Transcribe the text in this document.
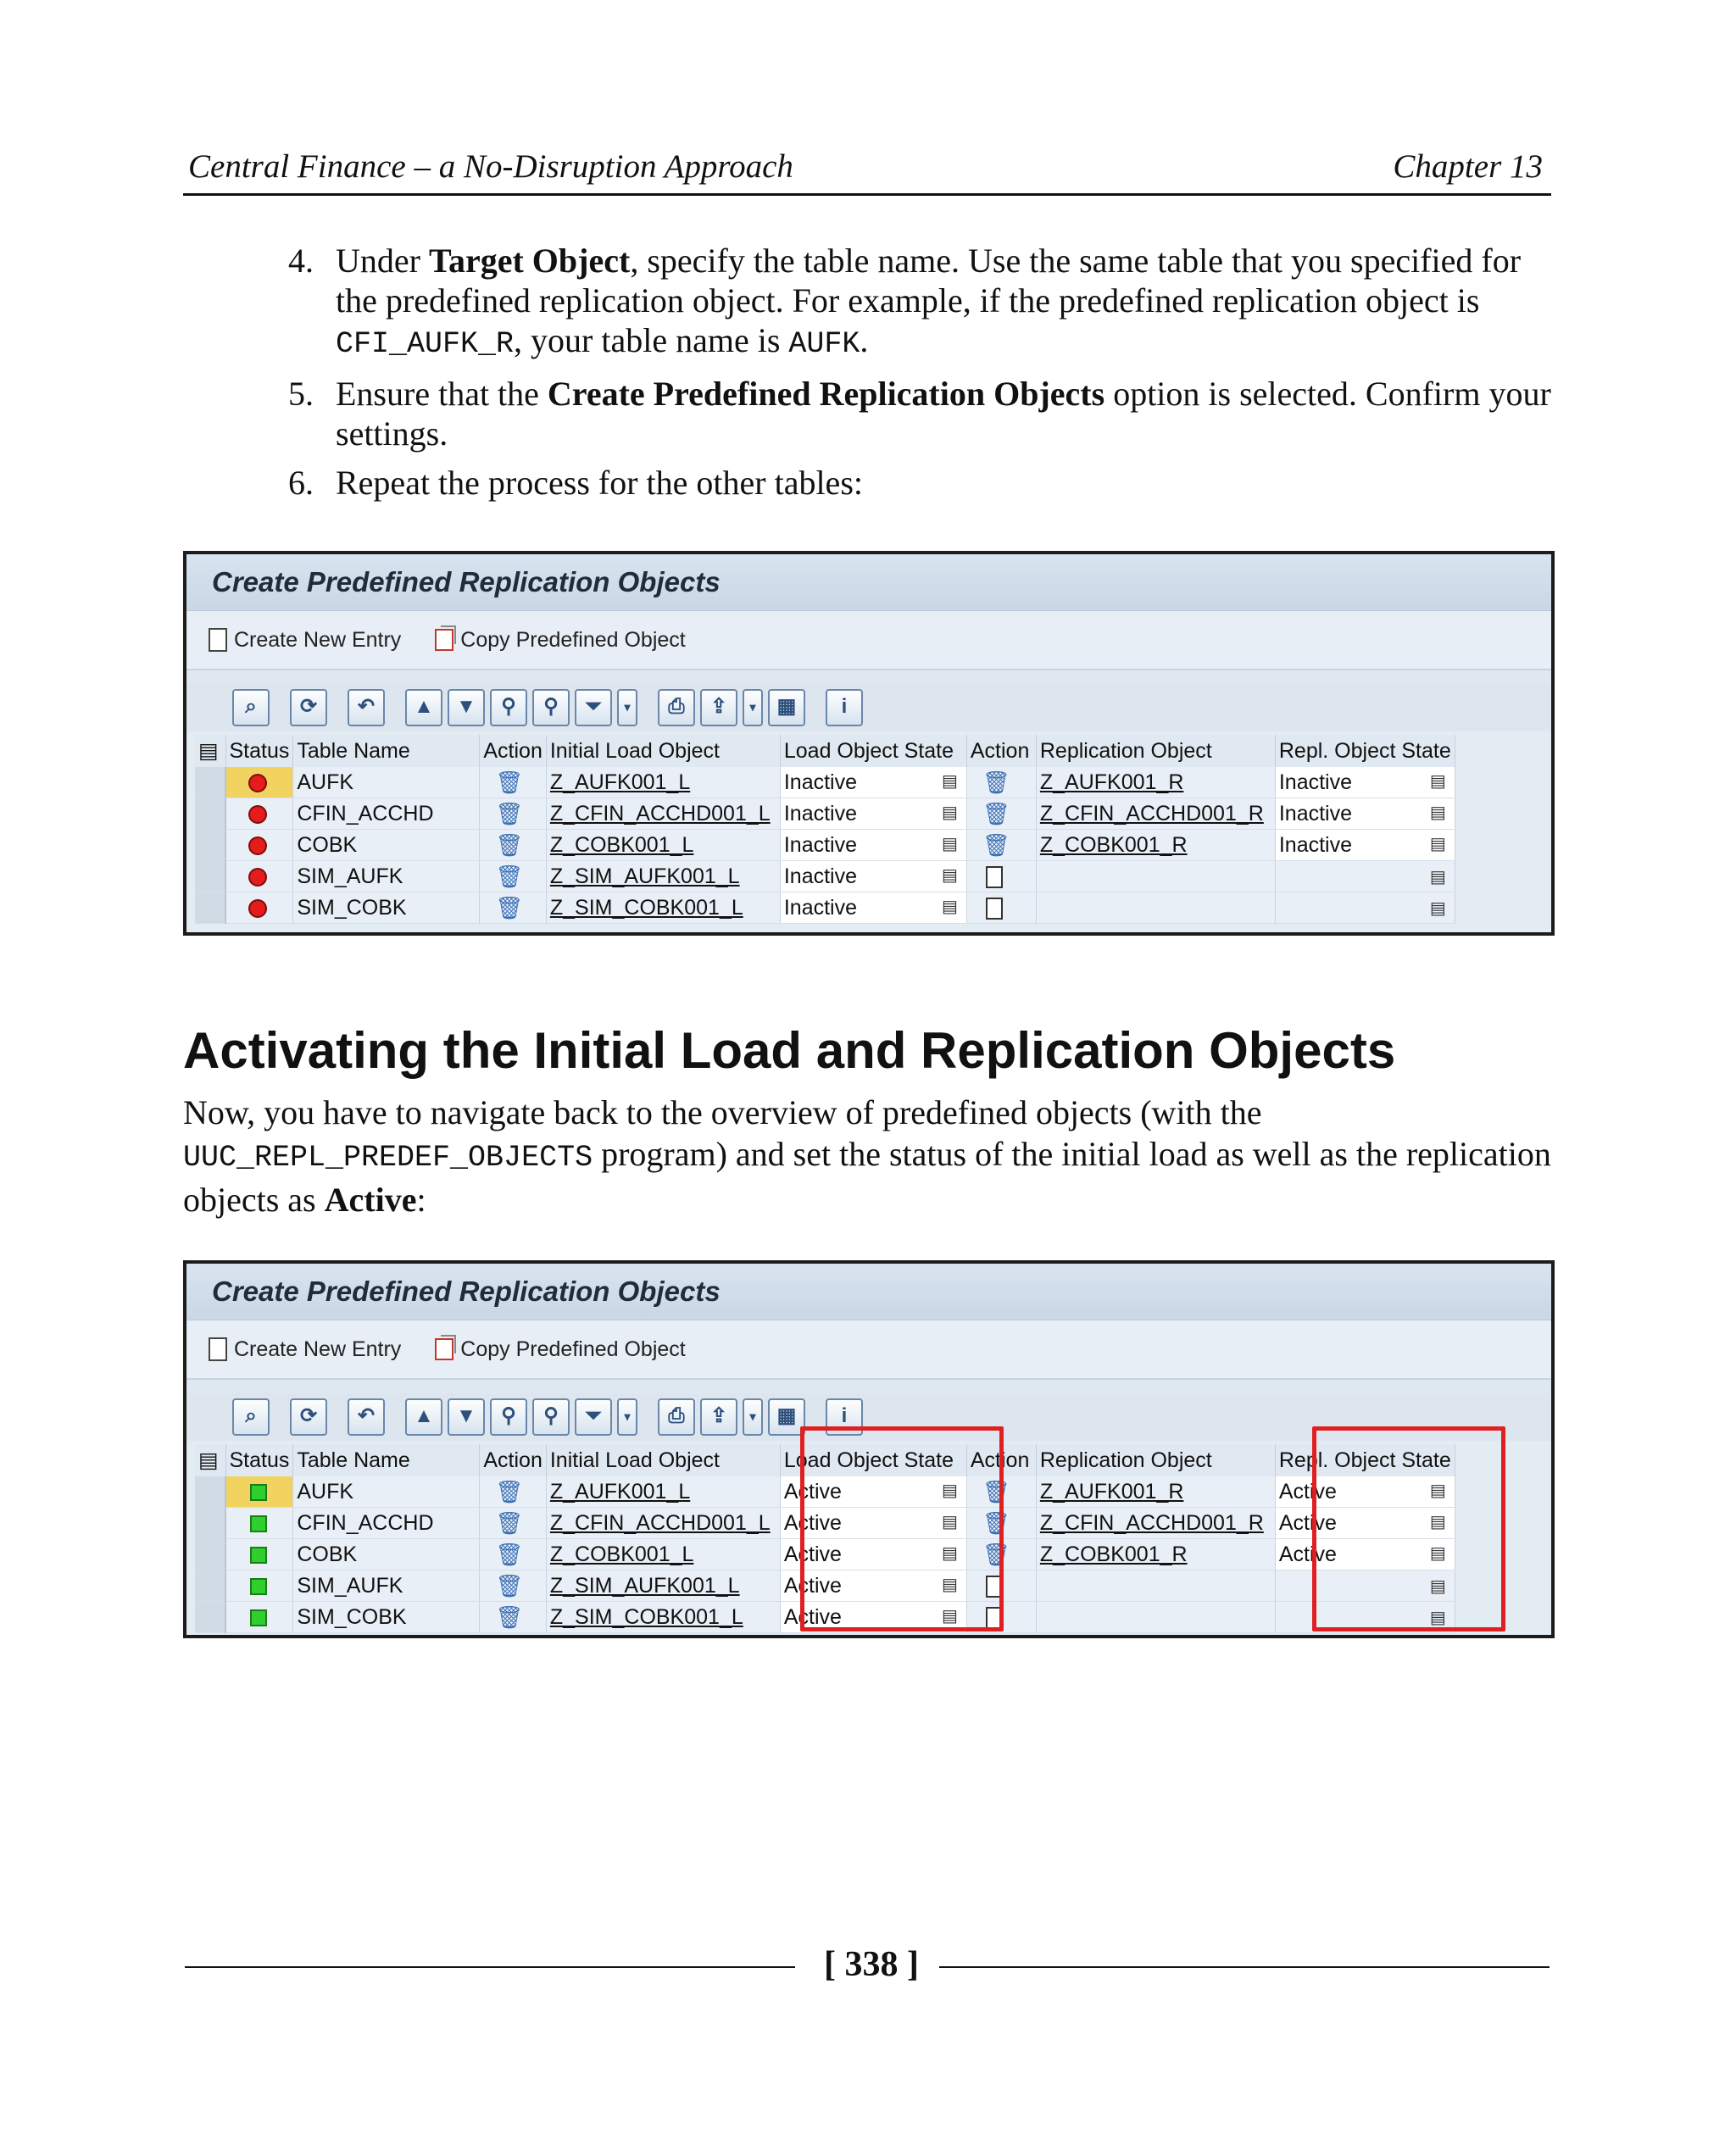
Central Finance – a No-Disruption Approach	Chapter 13
4. Under Target Object, specify the table name. Use the same table that you specified for the predefined replication object. For example, if the predefined replication object is CFI_AUFK_R, your table name is AUFK.
5. Ensure that the Create Predefined Replication Objects option is selected. Confirm your settings.
6. Repeat the process for the other tables:
Create Predefined Replication Objects
Create New Entry	Copy Predefined Object
⌕	⟳	↶	▲	▼	⚲	⚲	⏷	▾	⎙	⇪	▾	▦	i
▤	Status	Table Name	Action	Initial Load Object	Load Object State	Action	Replication Object	Repl. Object State
		AUFK	🗑	Z_AUFK001_L	Inactive ▤	🗑	Z_AUFK001_R	Inactive ▤

		CFIN_ACCHD	🗑	Z_CFIN_ACCHD001_L	Inactive ▤	🗑	Z_CFIN_ACCHD001_R	Inactive ▤

		COBK	🗑	Z_COBK001_L	Inactive ▤	🗑	Z_COBK001_R	Inactive ▤

		SIM_AUFK	🗑	Z_SIM_AUFK001_L	Inactive ▤			▤

		SIM_COBK	🗑	Z_SIM_COBK001_L	Inactive ▤			▤
Activating the Initial Load and Replication Objects

Now, you have to navigate back to the overview of predefined objects (with the UUC_REPL_PREDEF_OBJECTS program) and set the status of the initial load as well as the replication objects as Active:

Create Predefined Replication Objects
Create New Entry	Copy Predefined Object
⌕	⟳	↶	▲	▼	⚲	⚲	⏷	▾	⎙	⇪	▾	▦	i
▤	Status	Table Name	Action	Initial Load Object	Load Object State	Action	Replication Object	Repl. Object State
		AUFK	🗑	Z_AUFK001_L	Active ▤	🗑	Z_AUFK001_R	Active ▤

		CFIN_ACCHD	🗑	Z_CFIN_ACCHD001_L	Active ▤	🗑	Z_CFIN_ACCHD001_R	Active ▤

		COBK	🗑	Z_COBK001_L	Active ▤	🗑	Z_COBK001_R	Active ▤

		SIM_AUFK	🗑	Z_SIM_AUFK001_L	Active ▤			▤

		SIM_COBK	🗑	Z_SIM_COBK001_L	Active ▤			▤
[ 338 ]
